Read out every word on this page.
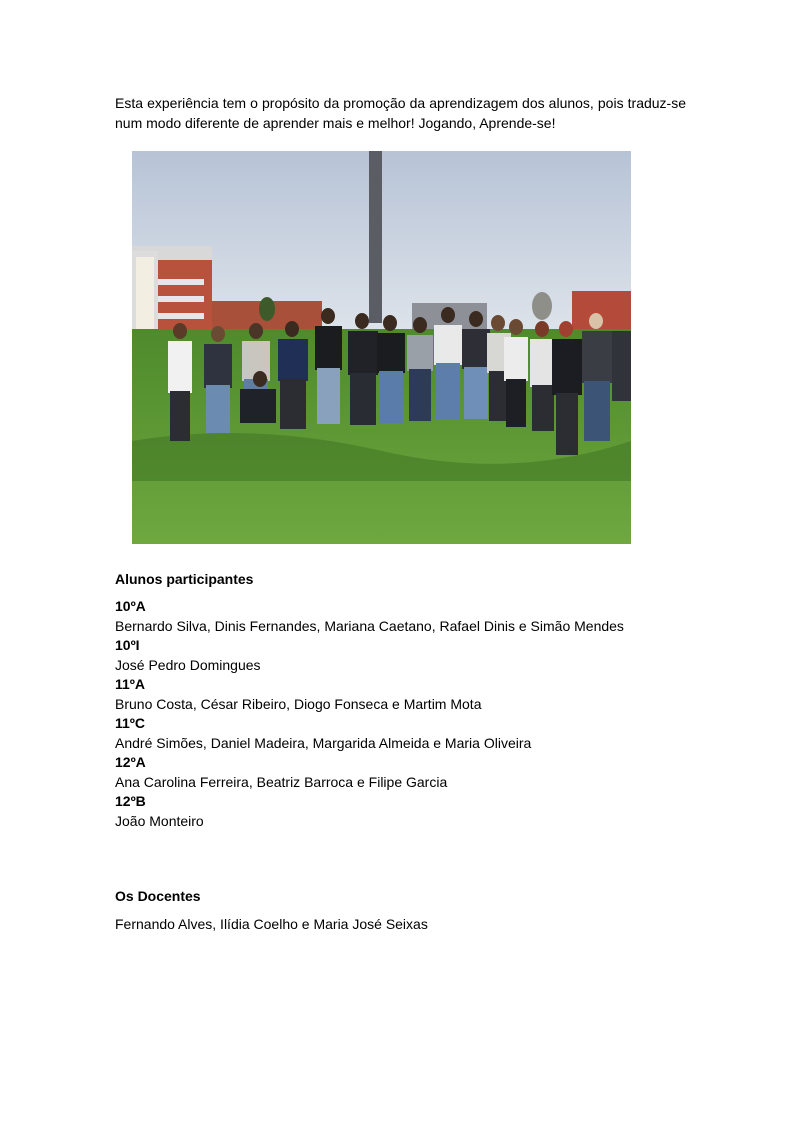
Esta experiência tem o propósito da promoção da aprendizagem dos alunos, pois traduz-se num modo diferente de aprender mais e melhor! Jogando, Aprende-se!

Alunos participantes

10ºA

Bernardo Silva, Dinis Fernandes, Mariana Caetano, Rafael Dinis e Simão Mendes

10ºI

José Pedro Domingues

11ºA

Bruno Costa, César Ribeiro, Diogo Fonseca e Martim Mota

11ºC

André Simões, Daniel Madeira, Margarida Almeida e Maria Oliveira

12ºA

Ana Carolina Ferreira, Beatriz Barroca e Filipe Garcia

12ºB

João Monteiro

Os Docentes

Fernando Alves, Ilídia Coelho e Maria José Seixas
